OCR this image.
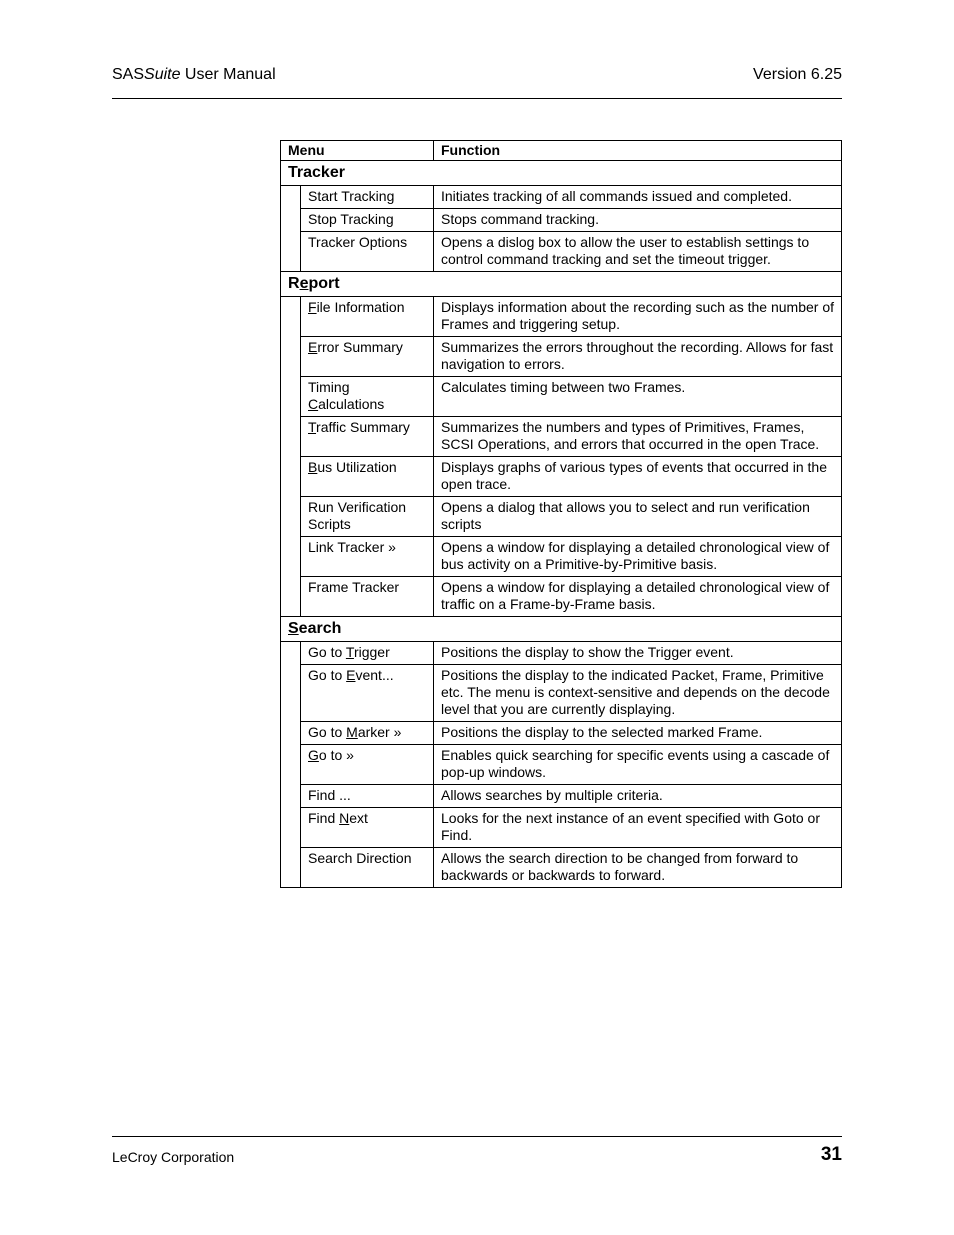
SASSuite User Manual	Version 6.25
Menu		Function
Tracker		
	Start Tracking	Initiates tracking of all commands issued and completed.
	Stop Tracking	Stops command tracking.
	Tracker Options	Opens a dislog box to allow the user to establish settings to control command tracking and set the timeout trigger.
Report		
	File Information	Displays information about the recording such as the number of Frames and triggering setup.
	Error Summary	Summarizes the errors throughout the recording. Allows for fast navigation to errors.
	Timing Calculations	Calculates timing between two Frames.
	Traffic Summary	Summarizes the numbers and types of Primitives, Frames, SCSI Operations, and errors that occurred in the open Trace.
	Bus Utilization	Displays graphs of various types of events that occurred in the open trace.
	Run Verification Scripts	Opens a dialog that allows you to select and run verification scripts
	Link Tracker »	Opens a window for displaying a detailed chronological view of bus activity on a Primitive-by-Primitive basis.
	Frame Tracker	Opens a window for displaying a detailed chronological view of traffic on a Frame-by-Frame basis.
Search		
	Go to Trigger	Positions the display to show the Trigger event.
	Go to Event...	Positions the display to the indicated Packet, Frame, Primitive etc. The menu is context-sensitive and depends on the decode level that you are currently displaying.
	Go to Marker »	Positions the display to the selected marked Frame.
	Go to »	Enables quick searching for specific events using a cascade of pop-up windows.
	Find ...	Allows searches by multiple criteria.
	Find Next	Looks for the next instance of an event specified with Goto or Find.
	Search Direction	Allows the search direction to be changed from forward to backwards or backwards to forward.
LeCroy Corporation	31
